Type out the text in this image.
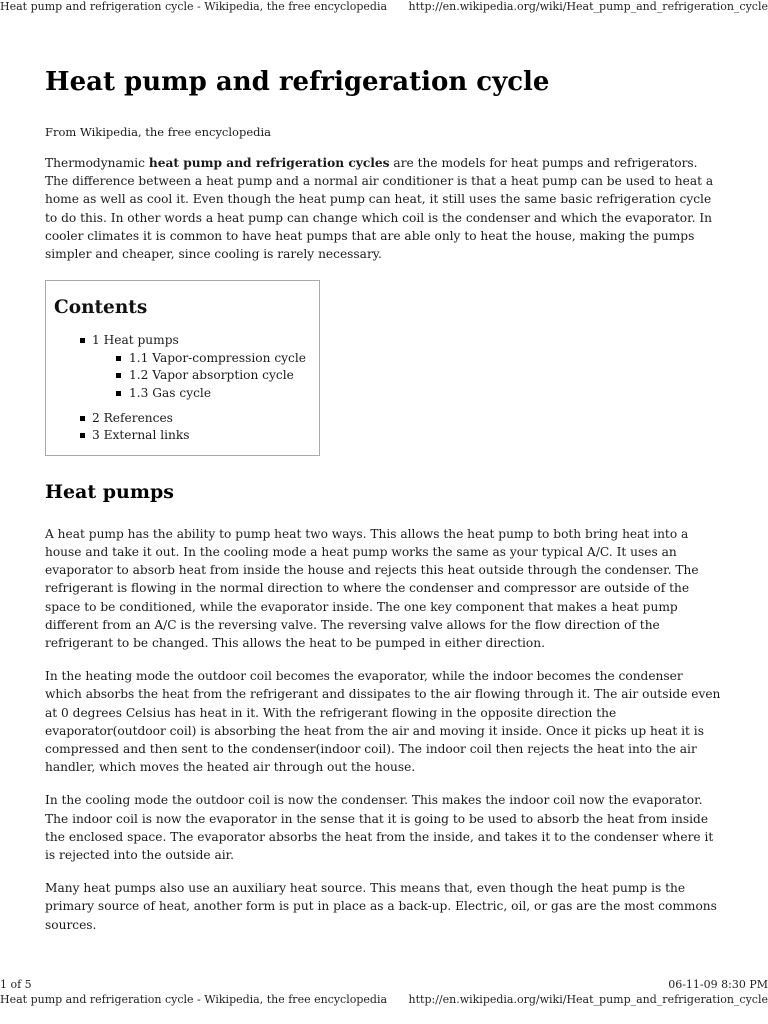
Heat pump and refrigeration cycle - Wikipedia, the free encyclopedia http://en.wikipedia.org/wiki/Heat_pump_and_refrigeration_cycle
Heat pump and refrigeration cycle
From Wikipedia, the free encyclopedia

Thermodynamic heat pump and refrigeration cycles are the models for heat pumps and refrigerators. The difference between a heat pump and a normal air conditioner is that a heat pump can be used to heat a home as well as cool it. Even though the heat pump can heat, it still uses the same basic refrigeration cycle to do this. In other words a heat pump can change which coil is the condenser and which the evaporator. In cooler climates it is common to have heat pumps that are able only to heat the house, making the pumps simpler and cheaper, since cooling is rarely necessary.

Contents
1 Heat pumps
1.1 Vapor-compression cycle
1.2 Vapor absorption cycle
1.3 Gas cycle
2 References
3 External links
Heat pumps

A heat pump has the ability to pump heat two ways. This allows the heat pump to both bring heat into a house and take it out. In the cooling mode a heat pump works the same as your typical A/C. It uses an evaporator to absorb heat from inside the house and rejects this heat outside through the condenser. The refrigerant is flowing in the normal direction to where the condenser and compressor are outside of the space to be conditioned, while the evaporator inside. The one key component that makes a heat pump different from an A/C is the reversing valve. The reversing valve allows for the flow direction of the refrigerant to be changed. This allows the heat to be pumped in either direction.

In the heating mode the outdoor coil becomes the evaporator, while the indoor becomes the condenser which absorbs the heat from the refrigerant and dissipates to the air flowing through it. The air outside even at 0 degrees Celsius has heat in it. With the refrigerant flowing in the opposite direction the evaporator(outdoor coil) is absorbing the heat from the air and moving it inside. Once it picks up heat it is compressed and then sent to the condenser(indoor coil). The indoor coil then rejects the heat into the air handler, which moves the heated air through out the house.

In the cooling mode the outdoor coil is now the condenser. This makes the indoor coil now the evaporator. The indoor coil is now the evaporator in the sense that it is going to be used to absorb the heat from inside the enclosed space. The evaporator absorbs the heat from the inside, and takes it to the condenser where it is rejected into the outside air.

Many heat pumps also use an auxiliary heat source. This means that, even though the heat pump is the primary source of heat, another form is put in place as a back-up. Electric, oil, or gas are the most commons sources.

1 of 5	06-11-09 8:30 PM
Heat pump and refrigeration cycle - Wikipedia, the free encyclopedia http://en.wikipedia.org/wiki/Heat_pump_and_refrigeration_cycle
